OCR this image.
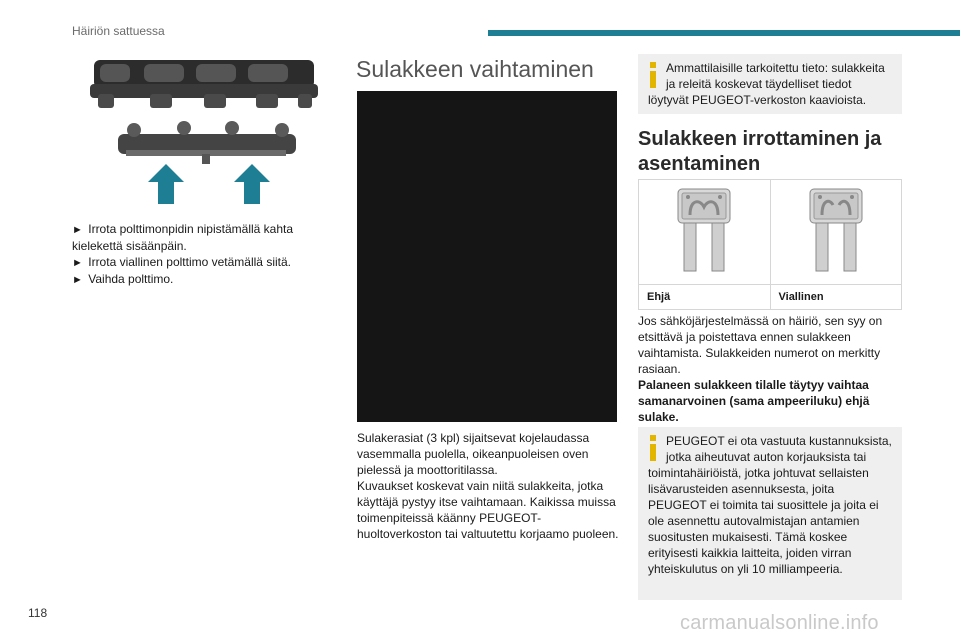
Häiriön sattuessa

► Irrota polttimonpidin nipistämällä kahta kielekettä sisäänpäin.

► Irrota viallinen polttimo vetämällä siitä.

► Vaihda polttimo.

Sulakkeen vaihtaminen

Sulakerasiat (3 kpl) sijaitsevat kojelaudassa vasemmalla puolella, oikeanpuoleisen oven pielessä ja moottoritilassa.
Kuvaukset koskevat vain niitä sulakkeita, jotka käyttäjä pystyy itse vaihtamaan. Kaikissa muissa toimenpiteissä käänny PEUGEOT-huoltoverkoston tai valtuutettu korjaamo puoleen.

Ammattilaisille tarkoitettu tieto: sulakkeita ja releitä koskevat täydelliset tiedot löytyvät PEUGEOT-verkoston kaavioista.

Sulakkeen irrottaminen ja asentaminen

Ehjä	Viallinen

Jos sähköjärjestelmässä on häiriö, sen syy on etsittävä ja poistettava ennen sulakkeen vaihtamista. Sulakkeiden numerot on merkitty rasiaan.
Palaneen sulakkeen tilalle täytyy vaihtaa samanarvoinen (sama ampeeriluku) ehjä sulake.

PEUGEOT ei ota vastuuta kustannuksista, jotka aiheutuvat auton korjauksista tai toimintahäiriöistä, jotka johtuvat sellaisten lisävarusteiden asennuksesta, joita PEUGEOT ei toimita tai suosittele ja joita ei ole asennettu autovalmistajan antamien suositusten mukaisesti. Tämä koskee erityisesti kaikkia laitteita, joiden virran yhteiskulutus on yli 10 milliampeeria.

118	carmanualsonline.info
